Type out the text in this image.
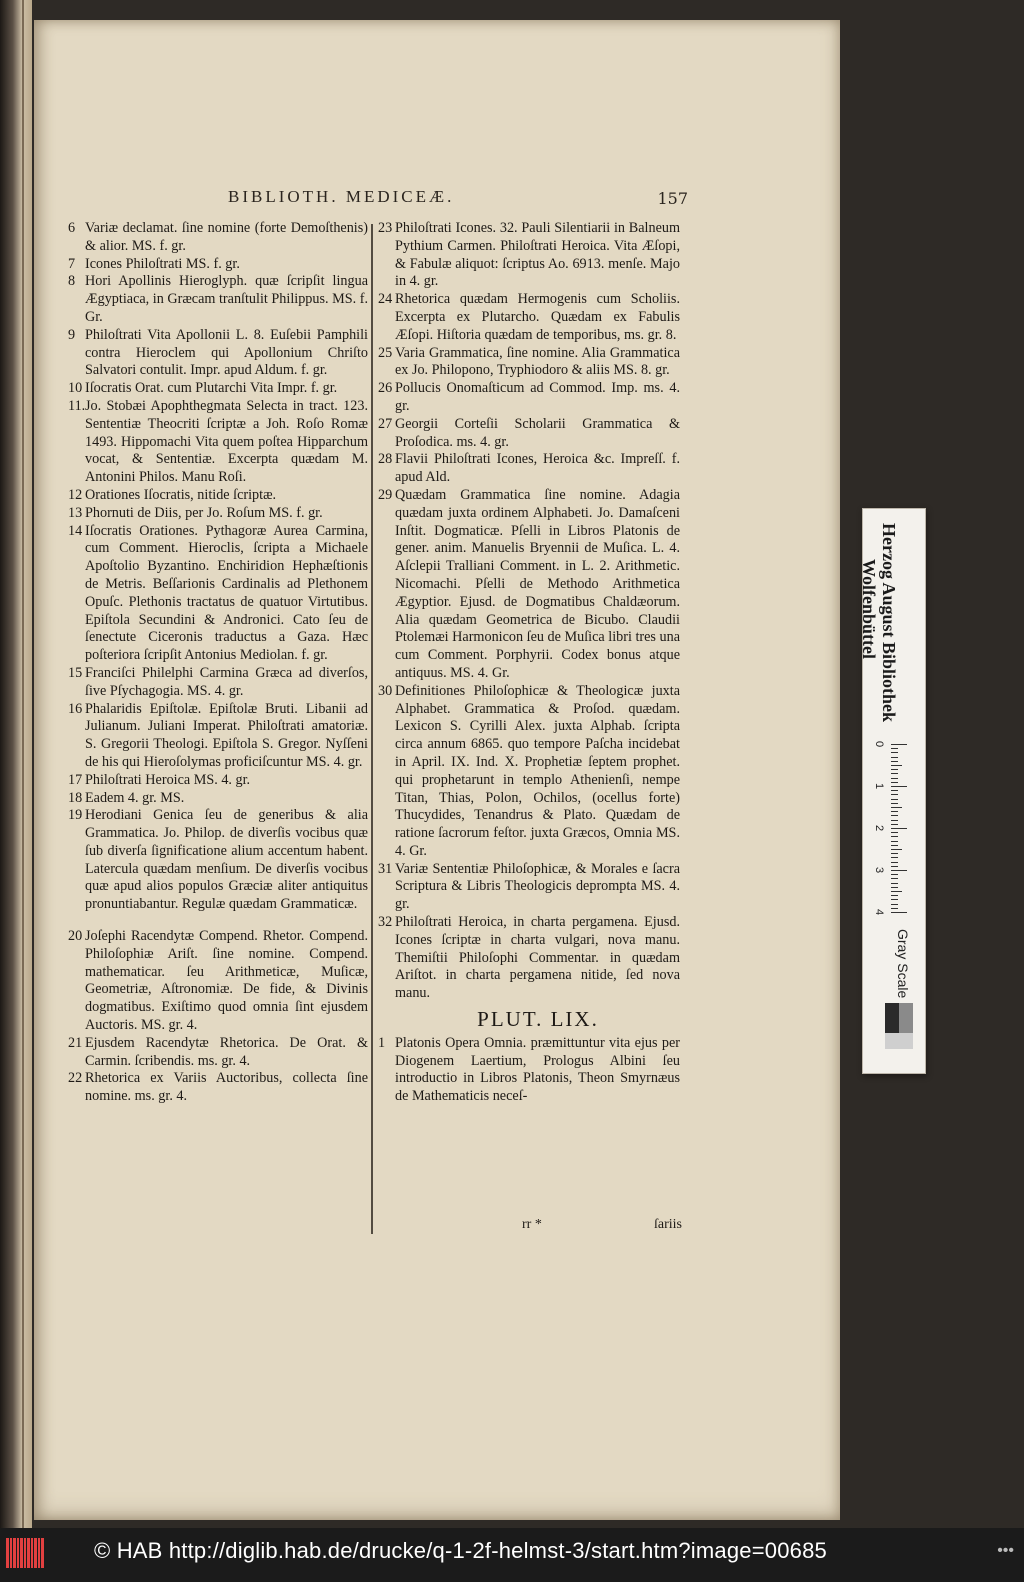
BIBLIOTH. MEDICEÆ.	157

6 Variæ declamat. ſine nomine (forte Demoſthenis) & alior. MS. f. gr.

7 Icones Philoſtrati MS. f. gr.

8 Hori Apollinis Hieroglyph. quæ ſcripſit lingua Ægyptiaca, in Græcam tranſtulit Philippus. MS. f. Gr.

9 Philoſtrati Vita Apollonii L. 8. Euſebii Pamphili contra Hieroclem qui Apollonium Chriſto Salvatori contulit. Impr. apud Aldum. f. gr.

10 Iſocratis Orat. cum Plutarchi Vita Impr. f. gr.

11. Jo. Stobæi Apophthegmata Selecta in tract. 123. Sententiæ Theocriti ſcriptæ a Joh. Roſo Romæ 1493. Hippomachi Vita quem poſtea Hipparchum vocat, & Sententiæ. Excerpta quædam M. Antonini Philos. Manu Roſi.

12 Orationes Iſocratis, nitide ſcriptæ.

13 Phornuti de Diis, per Jo. Roſum MS. f. gr.

14 Iſocratis Orationes. Pythagoræ Aurea Carmina, cum Comment. Hieroclis, ſcripta a Michaele Apoſtolio Byzantino. Enchiridion Hephæſtionis de Metris. Beſſarionis Cardinalis ad Plethonem Opuſc. Plethonis tractatus de quatuor Virtutibus. Epiſtola Secundini & Andronici. Cato ſeu de ſenectute Ciceronis traductus a Gaza. Hæc poſteriora ſcripſit Antonius Mediolan. f. gr.

15 Franciſci Philelphi Carmina Græca ad diverſos, ſive Pſychagogia. MS. 4. gr.

16 Phalaridis Epiſtolæ. Epiſtolæ Bruti. Libanii ad Julianum. Juliani Imperat. Philoſtrati amatoriæ. S. Gregorii Theologi. Epiſtola S. Gregor. Nyſſeni de his qui Hieroſolymas proficiſcuntur MS. 4. gr.

17 Philoſtrati Heroica MS. 4. gr.

18 Eadem 4. gr. MS.

19 Herodiani Genica ſeu de generibus & alia Grammatica. Jo. Philop. de diverſis vocibus quæ ſub diverſa ſignificatione alium accentum habent. Latercula quædam menſium. De diverſis vocibus quæ apud alios populos Græciæ aliter antiquitus pronuntiabantur. Regulæ quædam Grammaticæ.

20 Joſephi Racendytæ Compend. Rhetor. Compend. Philoſophiæ Ariſt. ſine nomine. Compend. mathematicar. ſeu Arithmeticæ, Muſicæ, Geometriæ, Aſtronomiæ. De fide, & Divinis dogmatibus. Exiſtimo quod omnia ſint ejusdem Auctoris. MS. gr. 4.

21 Ejusdem Racendytæ Rhetorica. De Orat. & Carmin. ſcribendis. ms. gr. 4.

22 Rhetorica ex Variis Auctoribus, collecta ſine nomine. ms. gr. 4.

23 Philoſtrati Icones. 32. Pauli Silentiarii in Balneum Pythium Carmen. Philoſtrati Heroica. Vita Æſopi, & Fabulæ aliquot: ſcriptus Ao. 6913. menſe. Majo in 4. gr.

24 Rhetorica quædam Hermogenis cum Scholiis. Excerpta ex Plutarcho. Quædam ex Fabulis Æſopi. Hiſtoria quædam de temporibus, ms. gr. 8.

25 Varia Grammatica, ſine nomine. Alia Grammatica ex Jo. Philopono, Tryphiodoro & aliis MS. 8. gr.

26 Pollucis Onomaſticum ad Commod. Imp. ms. 4. gr.

27 Georgii Corteſii Scholarii Grammatica & Proſodica. ms. 4. gr.

28 Flavii Philoſtrati Icones, Heroica &c. Impreſſ. f. apud Ald.

29 Quædam Grammatica ſine nomine. Adagia quædam juxta ordinem Alphabeti. Jo. Damaſceni Inſtit. Dogmaticæ. Pſelli in Libros Platonis de gener. anim. Manuelis Bryennii de Muſica. L. 4. Aſclepii Tralliani Comment. in L. 2. Arithmetic. Nicomachi. Pſelli de Methodo Arithmetica Ægyptior. Ejusd. de Dogmatibus Chaldæorum. Alia quædam Geometrica de Bicubo. Claudii Ptolemæi Harmonicon ſeu de Muſica libri tres una cum Comment. Porphyrii. Codex bonus atque antiquus. MS. 4. Gr.

30 Definitiones Philoſophicæ & Theologicæ juxta Alphabet. Grammatica & Proſod. quædam. Lexicon S. Cyrilli Alex. juxta Alphab. ſcripta circa annum 6865. quo tempore Paſcha incidebat in April. IX. Ind. X. Prophetiæ ſeptem prophet. qui prophetarunt in templo Athenienſi, nempe Titan, Thias, Polon, Ochilos, (ocellus forte) Thucydides, Tenandrus & Plato. Quædam de ratione ſacrorum feſtor. juxta Græcos, Omnia MS. 4. Gr.

31 Variæ Sententiæ Philoſophicæ, & Morales e ſacra Scriptura & Libris Theologicis deprompta MS. 4. gr.

32 Philoſtrati Heroica, in charta pergamena. Ejusd. Icones ſcriptæ in charta vulgari, nova manu. Themiſtii Philoſophi Commentar. in quædam Ariſtot. in charta pergamena nitide, ſed nova manu.

PLUT. LIX.

1 Platonis Opera Omnia. præmittuntur vita ejus per Diogenem Laertium, Prologus Albini ſeu introductio in Libros Platonis, Theon Smyrnæus de Mathematicis neceſ-

rr *	ſariis
Herzog August Bibliothek
Wolfenbüttel
0
1
2
3
4
Gray Scale
© HAB http://diglib.hab.de/drucke/q-1-2f-helmst-3/start.htm?image=00685	•••
